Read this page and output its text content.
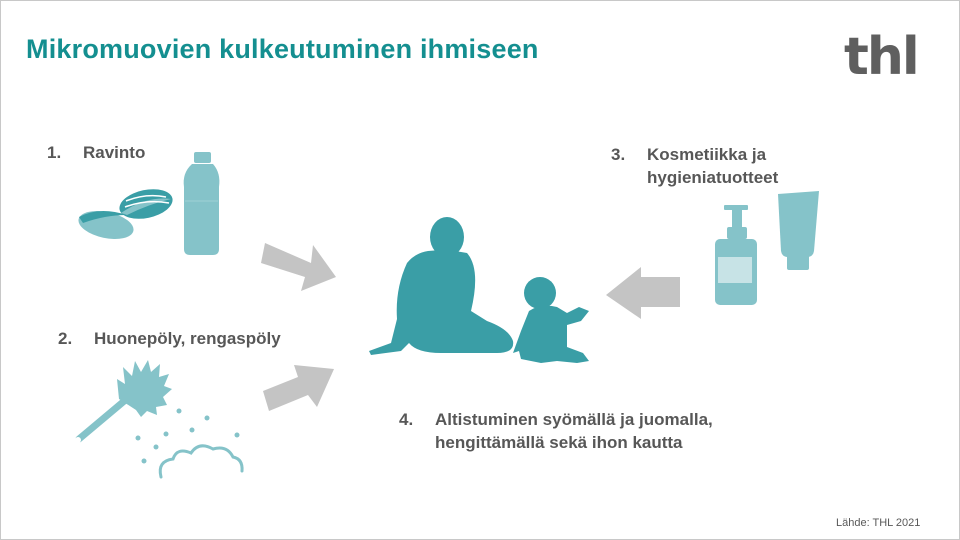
Mikromuovien kulkeutuminen ihmiseen	thl
1.	Ravinto
2.	Huonepöly, rengaspöly
3.	Kosmetiikka ja
hygieniatuotteet
4.	Altistuminen syömällä ja juomalla,
hengittämällä sekä ihon kautta
Lähde: THL 2021
